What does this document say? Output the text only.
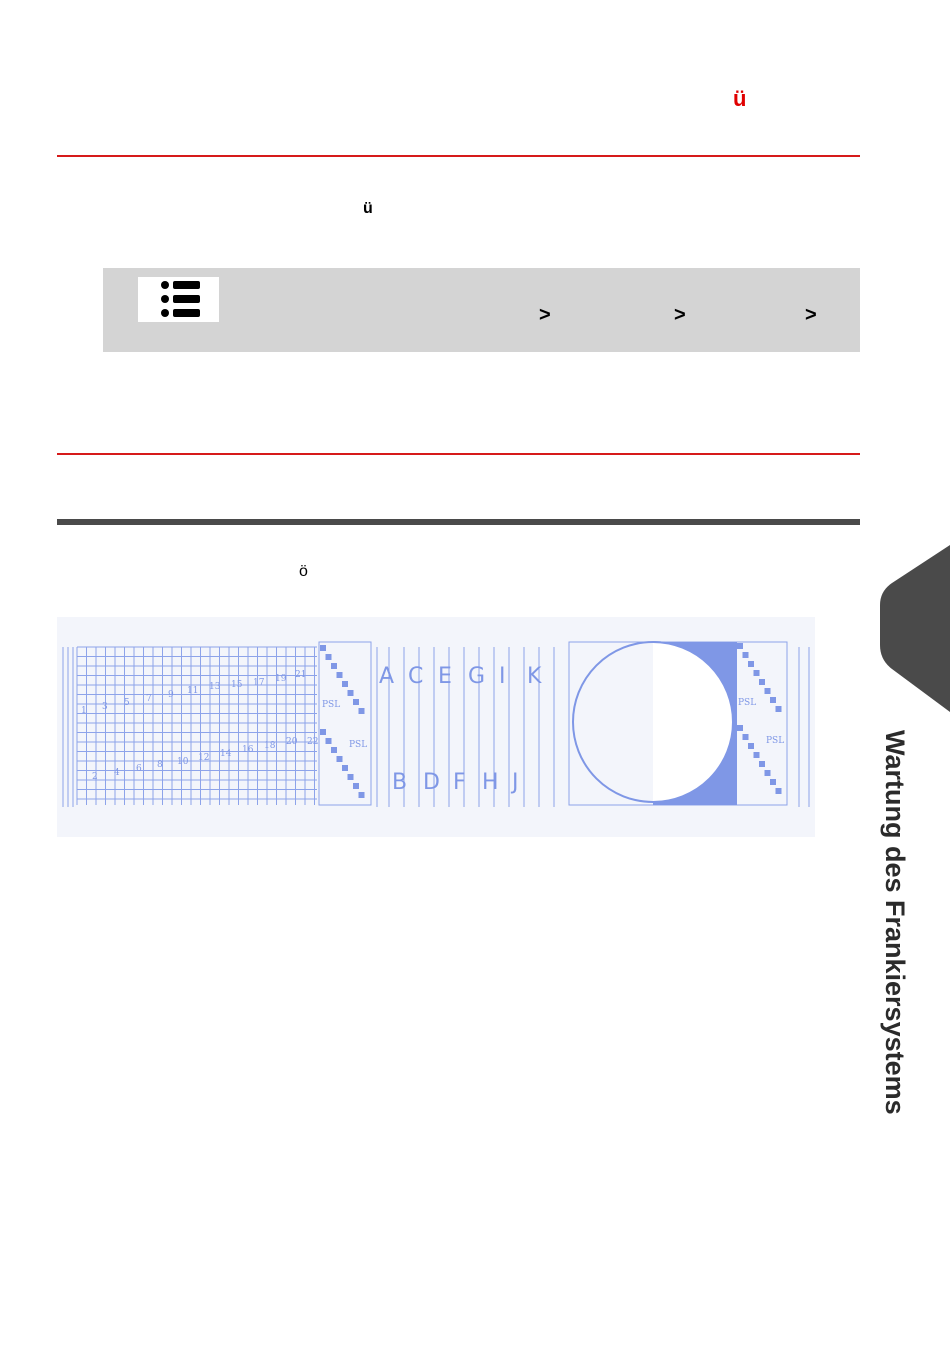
ü
ü
>	>	>
ö
A C E G I K
B D F H J
PSL
PSL
PSL
PSL
1 3 5 7 9 11 13 15 17 19 21
2 4 6 8 10 12 14 16 18 20 22	Wartung des Frankiersystems
